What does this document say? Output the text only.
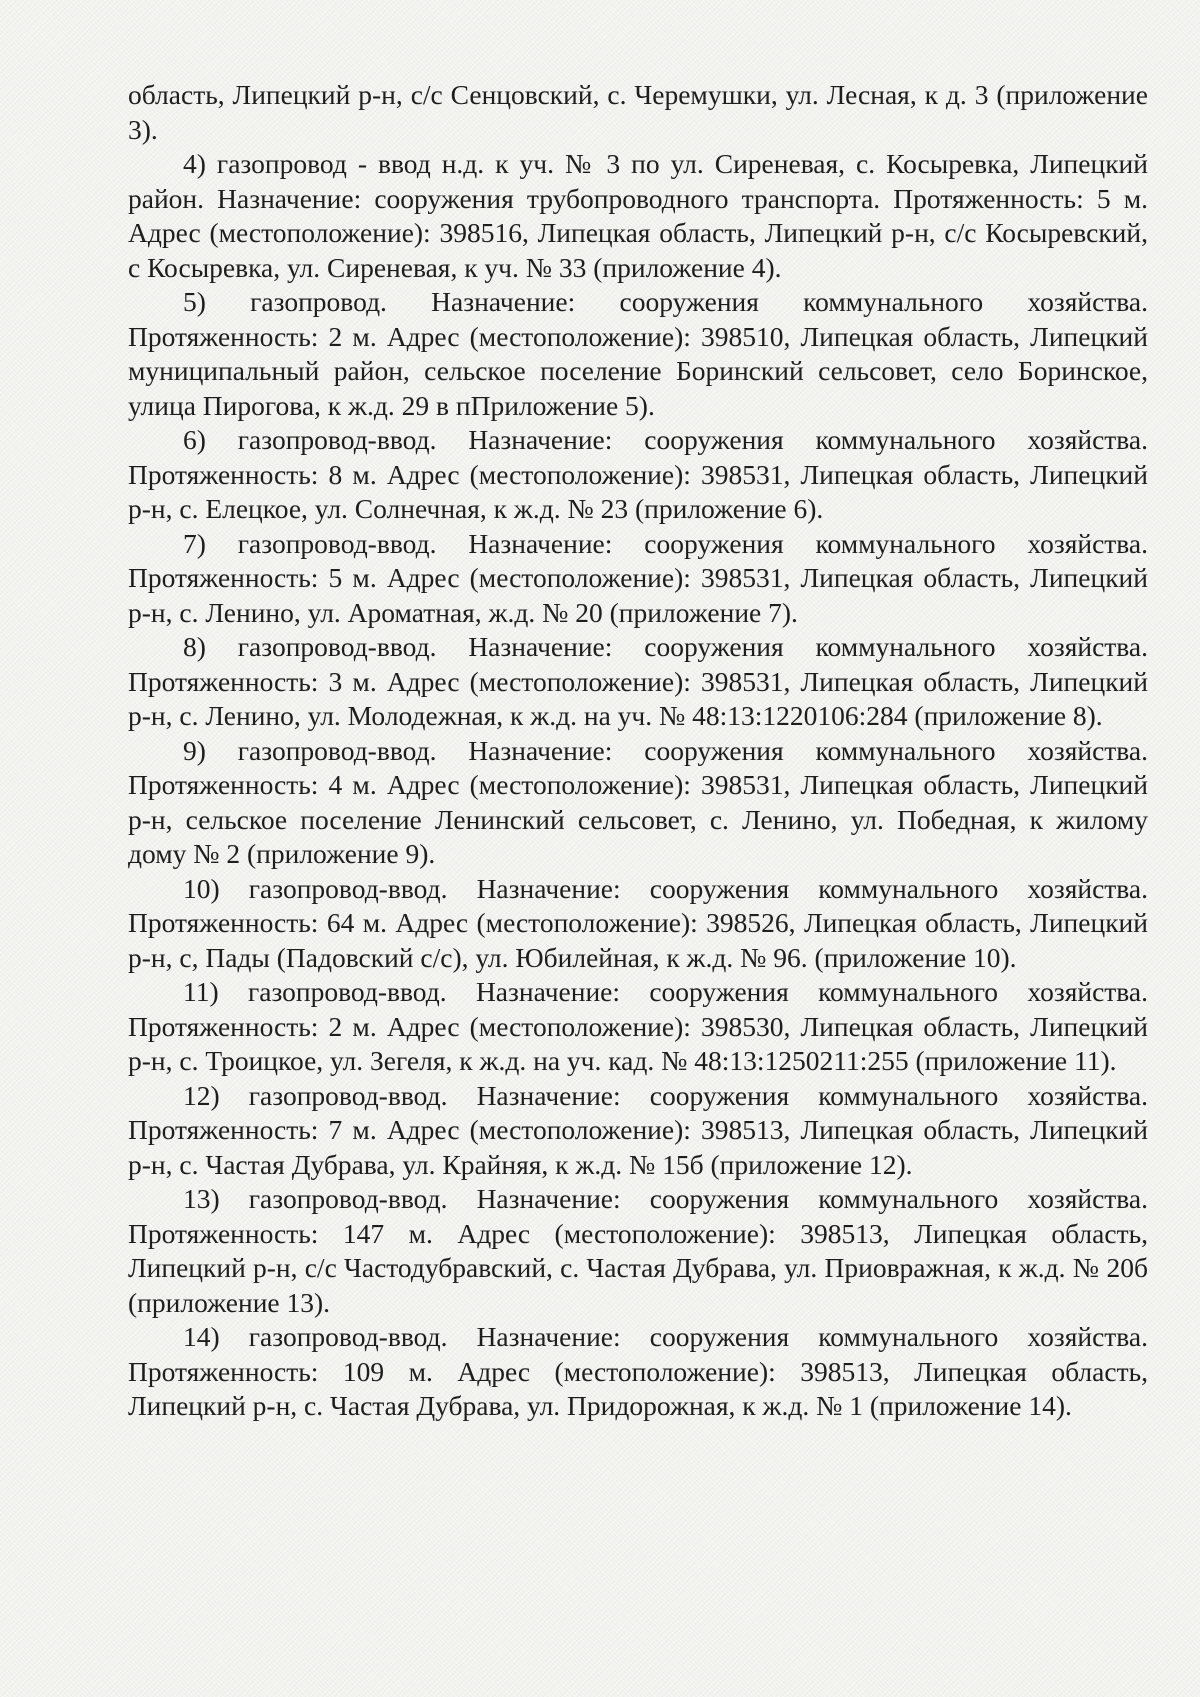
область, Липецкий р-н, с/с Сенцовский, с. Черемушки, ул. Лесная, к д. 3 (приложение 3).

4) газопровод - ввод н.д. к уч. № 3 по ул. Сиреневая, с. Косыревка, Липецкий район. Назначение: сооружения трубопроводного транспорта. Протяженность: 5 м. Адрес (местоположение): 398516, Липецкая область, Липецкий р-н, с/с Косыревский, с Косыревка, ул. Сиреневая, к уч. № 33 (приложение 4).

5) газопровод. Назначение: сооружения коммунального хозяйства. Протяженность: 2 м. Адрес (местоположение): 398510, Липецкая область, Липецкий муниципальный район, сельское поселение Боринский сельсовет, село Боринское, улица Пирогова, к ж.д. 29 в пПриложение 5).

6) газопровод-ввод. Назначение: сооружения коммунального хозяйства. Протяженность: 8 м. Адрес (местоположение): 398531, Липецкая область, Липецкий р-н, с. Елецкое, ул. Солнечная, к ж.д. № 23 (приложение 6).

7) газопровод-ввод. Назначение: сооружения коммунального хозяйства. Протяженность: 5 м. Адрес (местоположение): 398531, Липецкая область, Липецкий р-н, с. Ленино, ул. Ароматная, ж.д. № 20 (приложение 7).

8) газопровод-ввод. Назначение: сооружения коммунального хозяйства. Протяженность: 3 м. Адрес (местоположение): 398531, Липецкая область, Липецкий р-н, с. Ленино, ул. Молодежная, к ж.д. на уч. № 48:13:1220106:284 (приложение 8).

9) газопровод-ввод. Назначение: сооружения коммунального хозяйства. Протяженность: 4 м. Адрес (местоположение): 398531, Липецкая область, Липецкий р-н, сельское поселение Ленинский сельсовет, с. Ленино, ул. Победная, к жилому дому № 2 (приложение 9).

10) газопровод-ввод. Назначение: сооружения коммунального хозяйства. Протяженность: 64 м. Адрес (местоположение): 398526, Липецкая область, Липецкий р-н, с, Пады (Падовский с/с), ул. Юбилейная, к ж.д. № 96. (приложение 10).

11) газопровод-ввод. Назначение: сооружения коммунального хозяйства. Протяженность: 2 м. Адрес (местоположение): 398530, Липецкая область, Липецкий р-н, с. Троицкое, ул. Зегеля, к ж.д. на уч. кад. № 48:13:1250211:255 (приложение 11).

12) газопровод-ввод. Назначение: сооружения коммунального хозяйства. Протяженность: 7 м. Адрес (местоположение): 398513, Липецкая область, Липецкий р-н, с. Частая Дубрава, ул. Крайняя, к ж.д. № 15б (приложение 12).

13) газопровод-ввод. Назначение: сооружения коммунального хозяйства. Протяженность: 147 м. Адрес (местоположение): 398513, Липецкая область, Липецкий р-н, с/с Частодубравский, с. Частая Дубрава, ул. Приовражная, к ж.д. № 20б (приложение 13).

14) газопровод-ввод. Назначение: сооружения коммунального хозяйства. Протяженность: 109 м. Адрес (местоположение): 398513, Липецкая область, Липецкий р-н, с. Частая Дубрава, ул. Придорожная, к ж.д. № 1 (приложение 14).
